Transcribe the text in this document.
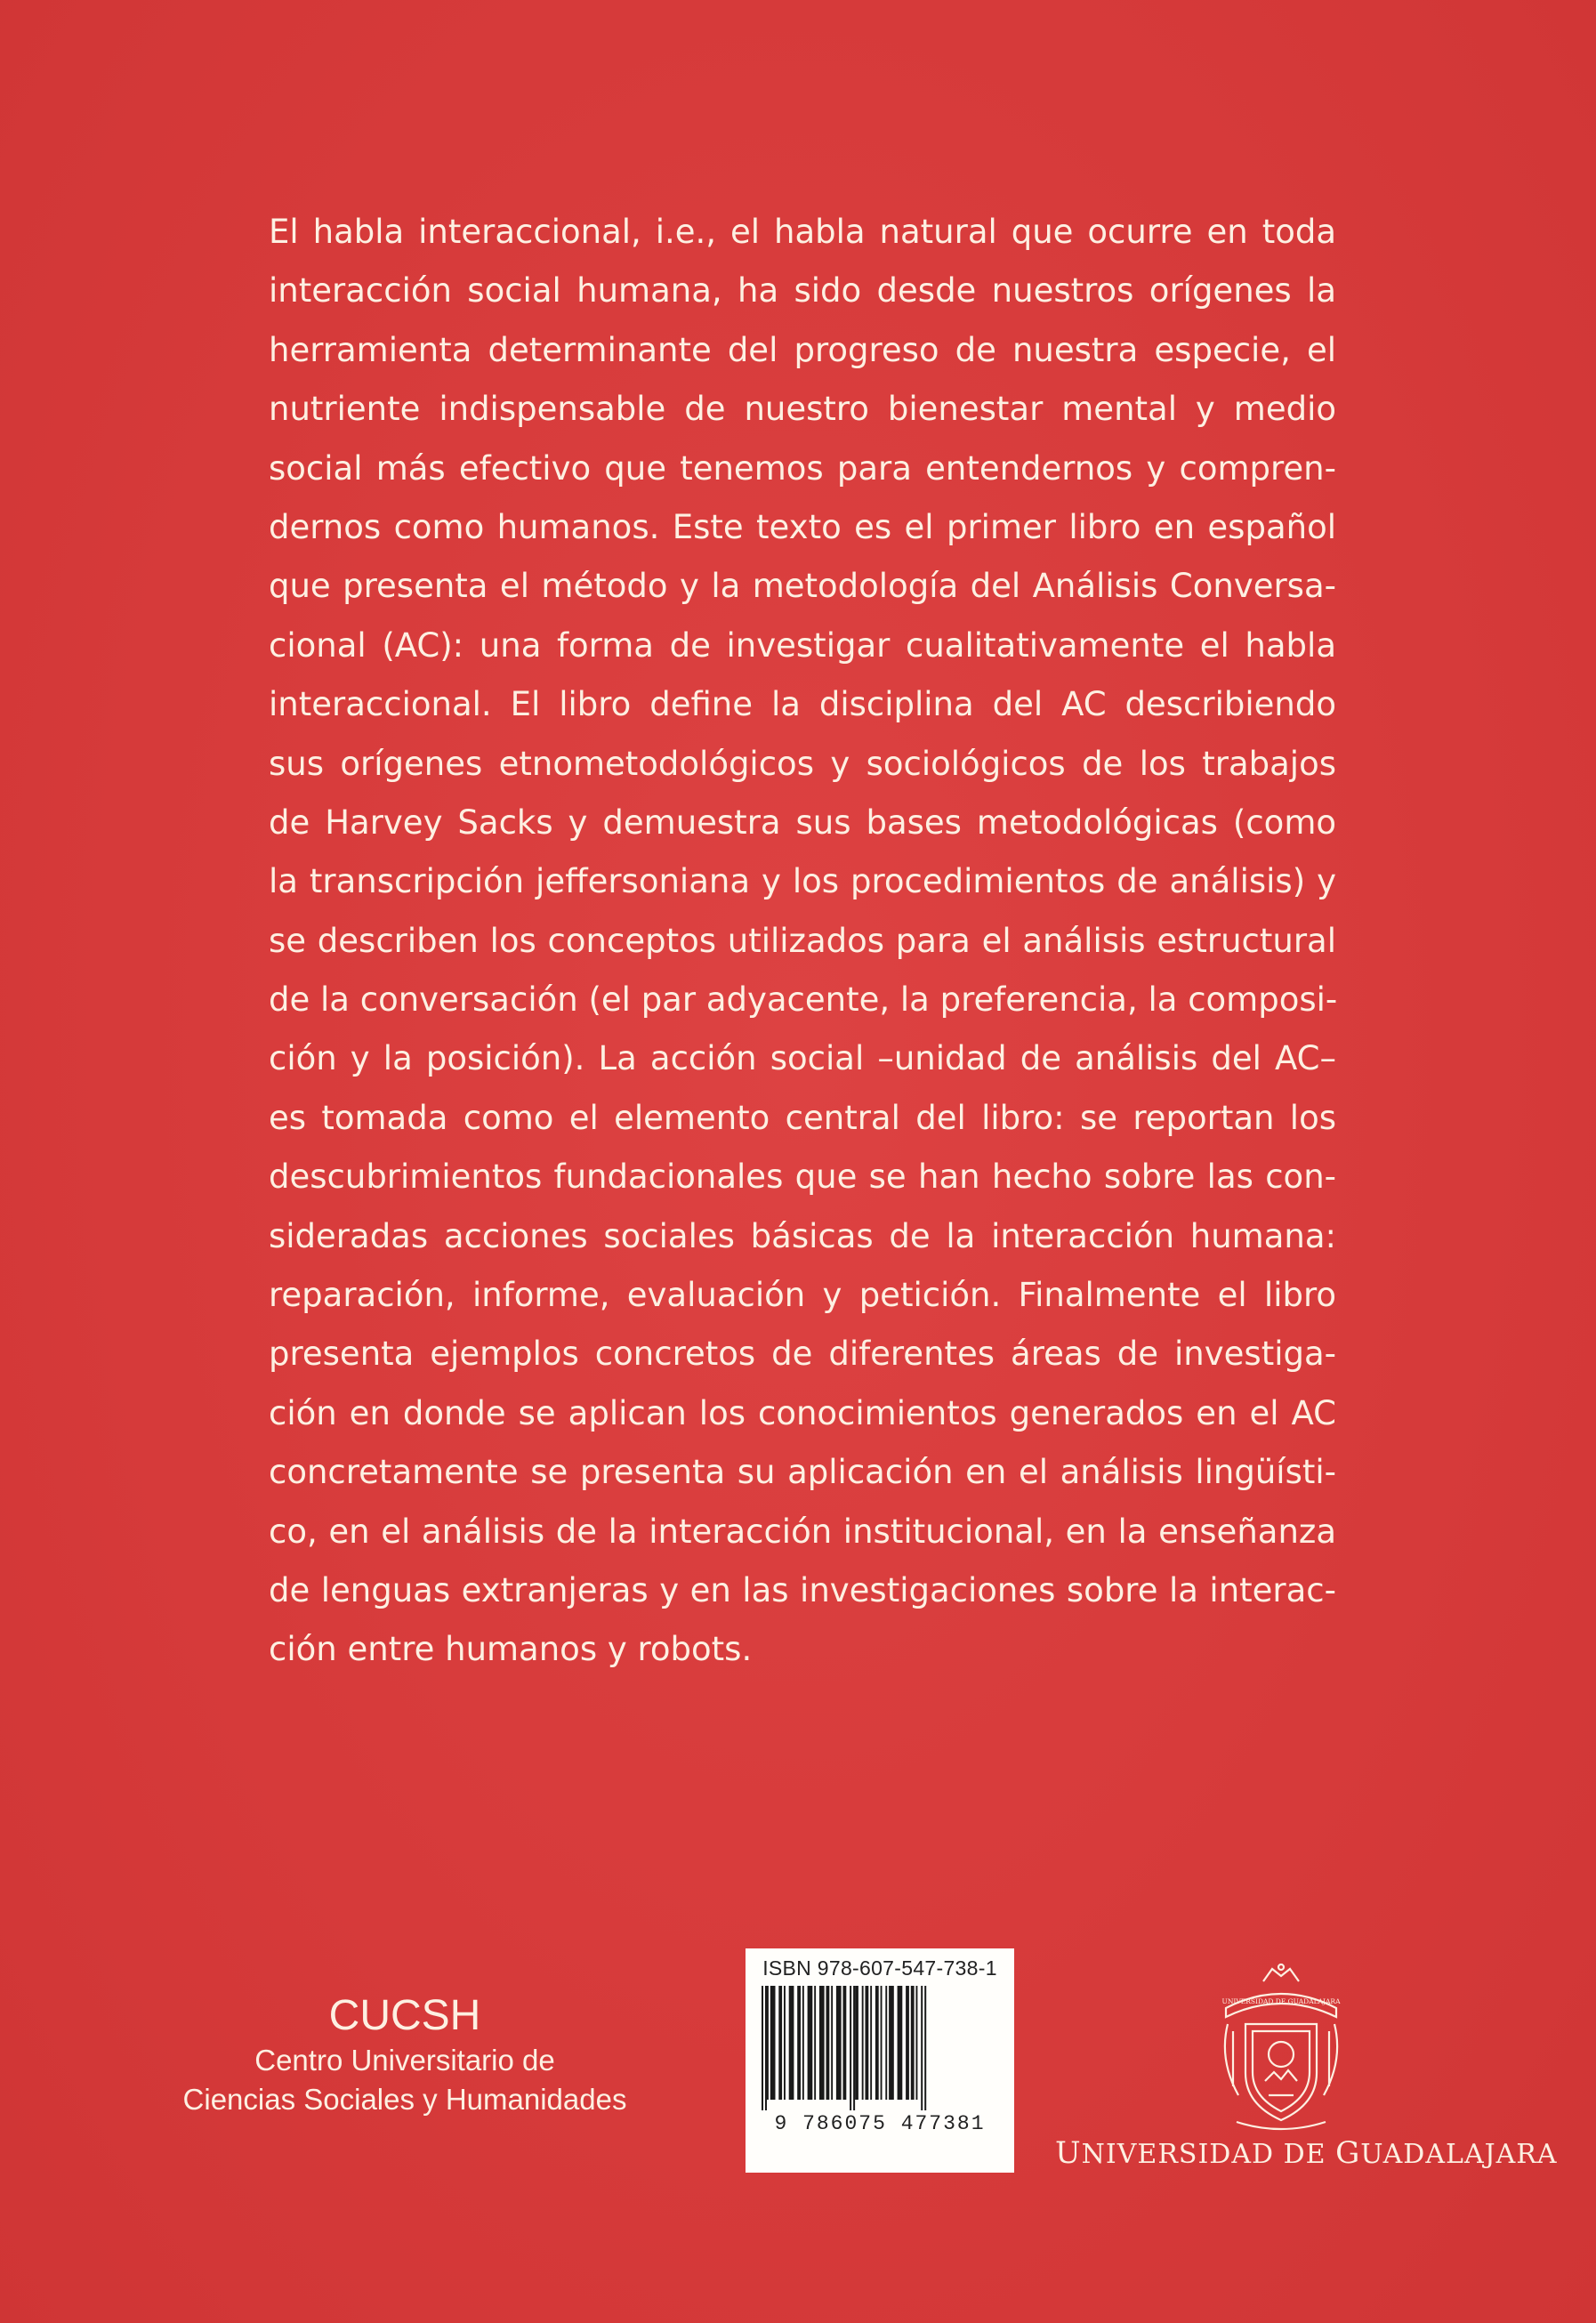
El habla interaccional, i.e., el habla natural que ocurre en toda
interacción social humana, ha sido desde nuestros orígenes la
herramienta determinante del progreso de nuestra especie, el
nutriente indispensable de nuestro bienestar mental y medio
social más efectivo que tenemos para entendernos y compren-
dernos como humanos. Este texto es el primer libro en español
que presenta el método y la metodología del Análisis Conversa-
cional (AC): una forma de investigar cualitativamente el habla
interaccional. El libro define la disciplina del AC describiendo
sus orígenes etnometodológicos y sociológicos de los trabajos
de Harvey Sacks y demuestra sus bases metodológicas (como
la transcripción jeffersoniana y los procedimientos de análisis) y
se describen los conceptos utilizados para el análisis estructural
de la conversación (el par adyacente, la preferencia, la composi-
ción y la posición). La acción social –unidad de análisis del AC–
es tomada como el elemento central del libro: se reportan los
descubrimientos fundacionales que se han hecho sobre las con-
sideradas acciones sociales básicas de la interacción humana:
reparación, informe, evaluación y petición. Finalmente el libro
presenta ejemplos concretos de diferentes áreas de investiga-
ción en donde se aplican los conocimientos generados en el AC
concretamente se presenta su aplicación en el análisis lingüísti-
co, en el análisis de la interacción institucional, en la enseñanza
de lenguas extranjeras y en las investigaciones sobre la interac-
ción entre humanos y robots.
CUCSH
Centro Universitario de
Ciencias Sociales y Humanidades
ISBN 978-607-547-738-1
9 786075 477381
UNIVERSIDAD DE GUADALAJARA
UNIVERSIDAD DE GUADALAJARA
